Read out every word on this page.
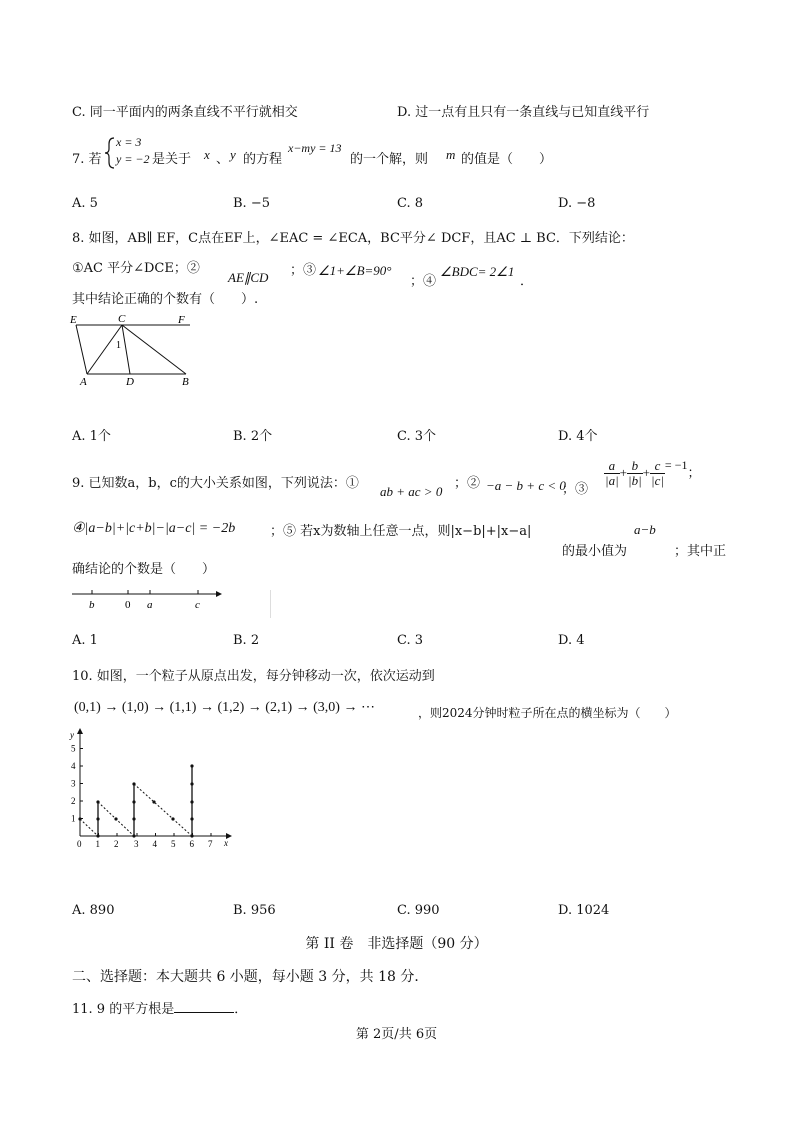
C. 同一平面内的两条直线不平行就相交	D. 过一点有且只有一条直线与已知直线平行
7. 若
x = 3
y = −2 是关于 x 、 y 的方程
x−my = 13
的一个解，则 m 的值是（　　）
A. 5	B. −5	C. 8	D. −8
8. 如图，AB∥ EF，C点在EF上，∠EAC = ∠ECA，BC平分∠ DCF，且AC ⊥ BC．下列结论：
①AC 平分∠DCE；②
AE∥CD ；③ ∠1+∠B=90°
；④
∠BDC= 2∠1
．
其中结论正确的个数有（　　）.
E	C	F
1
A	D	B
A. 1个	B. 2个	C. 3个	D. 4个
9. 已知数a，b，c的大小关系如图，下列说法：①
ab + ac > 0
；② −a − b + c < 0
；③
$\frac{a}{|a|} + \frac{b}{|b|} + \frac{c}{|c|} = -1$；
④|a−b|+|c+b|−|a−c| = −2b	；⑤ 若x为数轴上任意一点，则|x−b|+|x−a|
的最小值为
a−b
；其中正
确结论的个数是（　　）
b	0 a	c
A. 1	B. 2	C. 3	D. 4
10. 如图，一个粒子从原点出发，每分钟移动一次，依次运动到
(0,1) → (1,0) → (1,1) → (1,2) → (2,1) → (3,0) → ⋯	，则2024分钟时粒子所在点的横坐标为（　　）
y
x
1
2
3
4
5
0 1 2 3 4 5 6 7
A. 890	B. 956	C. 990	D. 1024
第 II 卷　非选择题（90 分）
二、选择题：本大题共 6 小题，每小题 3 分，共 18 分．
11. 9 的平方根是	．
第 2页/共 6页
